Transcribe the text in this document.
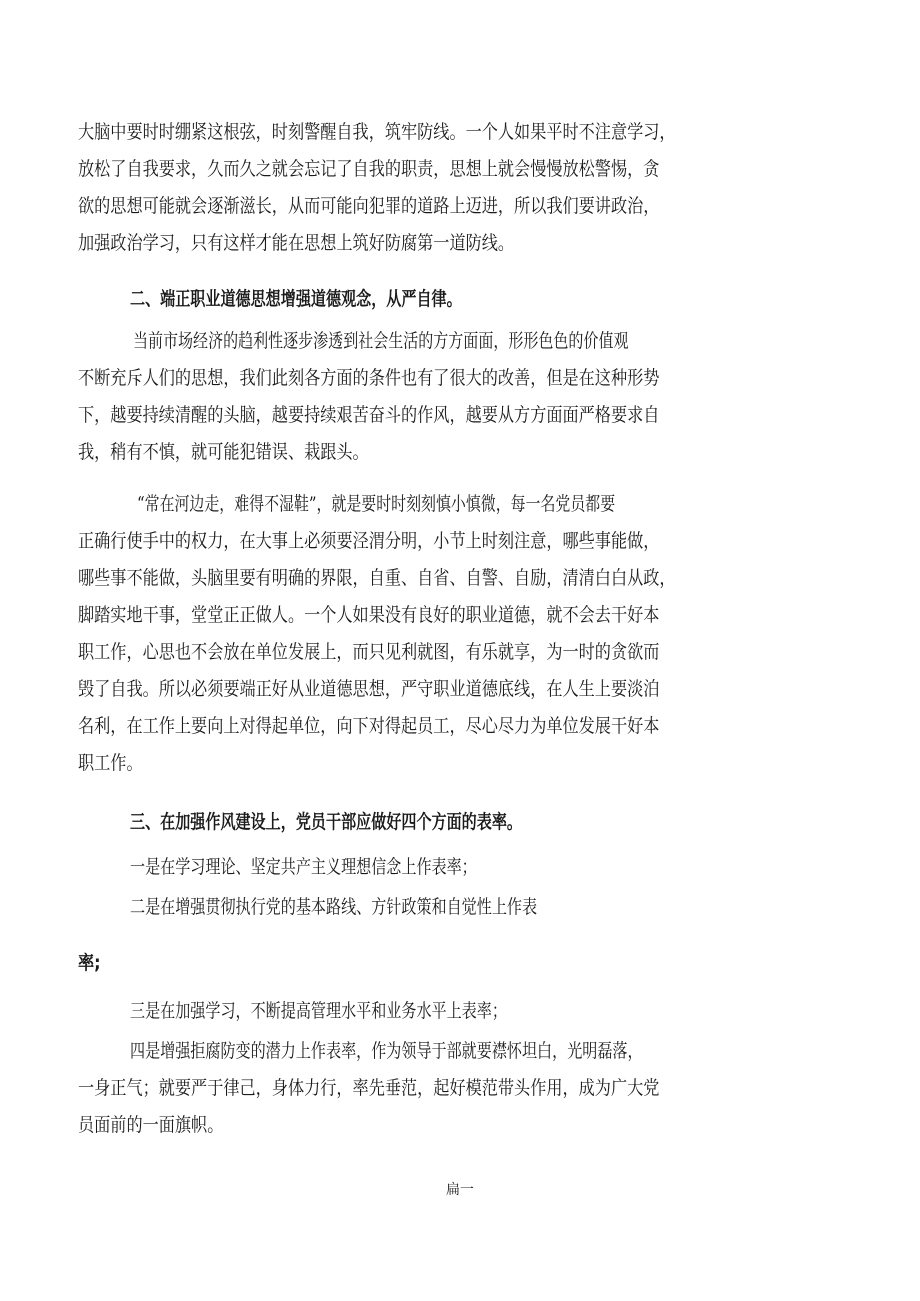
大脑中要时时绷紧这根弦，时刻警醒自我，筑牢防线。一个人如果平时不注意学习，
放松了自我要求，久而久之就会忘记了自我的职责，思想上就会慢慢放松警惕，贪
欲的思想可能就会逐渐滋长，从而可能向犯罪的道路上迈进，所以我们要讲政治，
加强政治学习，只有这样才能在思想上筑好防腐第一道防线。
二、端正职业道德思想增强道德观念，从严自律。
当前市场经济的趋利性逐步渗透到社会生活的方方面面，形形色色的价值观
不断充斥人们的思想，我们此刻各方面的条件也有了很大的改善，但是在这种形势
下，越要持续清醒的头脑，越要持续艰苦奋斗的作风，越要从方方面面严格要求自
我，稍有不慎，就可能犯错误、栽跟头。
“常在河边走，难得不湿鞋”，就是要时时刻刻慎小慎微，每一名党员都要
正确行使手中的权力，在大事上必须要泾渭分明，小节上时刻注意，哪些事能做，
哪些事不能做，头脑里要有明确的界限，自重、自省、自警、自励，清清白白从政，
脚踏实地干事，堂堂正正做人。一个人如果没有良好的职业道德，就不会去干好本
职工作，心思也不会放在单位发展上，而只见利就图，有乐就享，为一时的贪欲而
毁了自我。所以必须要端正好从业道德思想，严守职业道德底线，在人生上要淡泊
名利，在工作上要向上对得起单位，向下对得起员工，尽心尽力为单位发展干好本
职工作。
三、在加强作风建设上，党员干部应做好四个方面的表率。
一是在学习理论、坚定共产主义理想信念上作表率；
二是在增强贯彻执行党的基本路线、方针政策和自觉性上作表
率;
三是在加强学习，不断提高管理水平和业务水平上表率；
四是增强拒腐防变的潜力上作表率，作为领导于部就要襟怀坦白，光明磊落，
一身正气；就要严于律己，身体力行，率先垂范，起好模范带头作用，成为广大党
员面前的一面旗帜。
扁一
